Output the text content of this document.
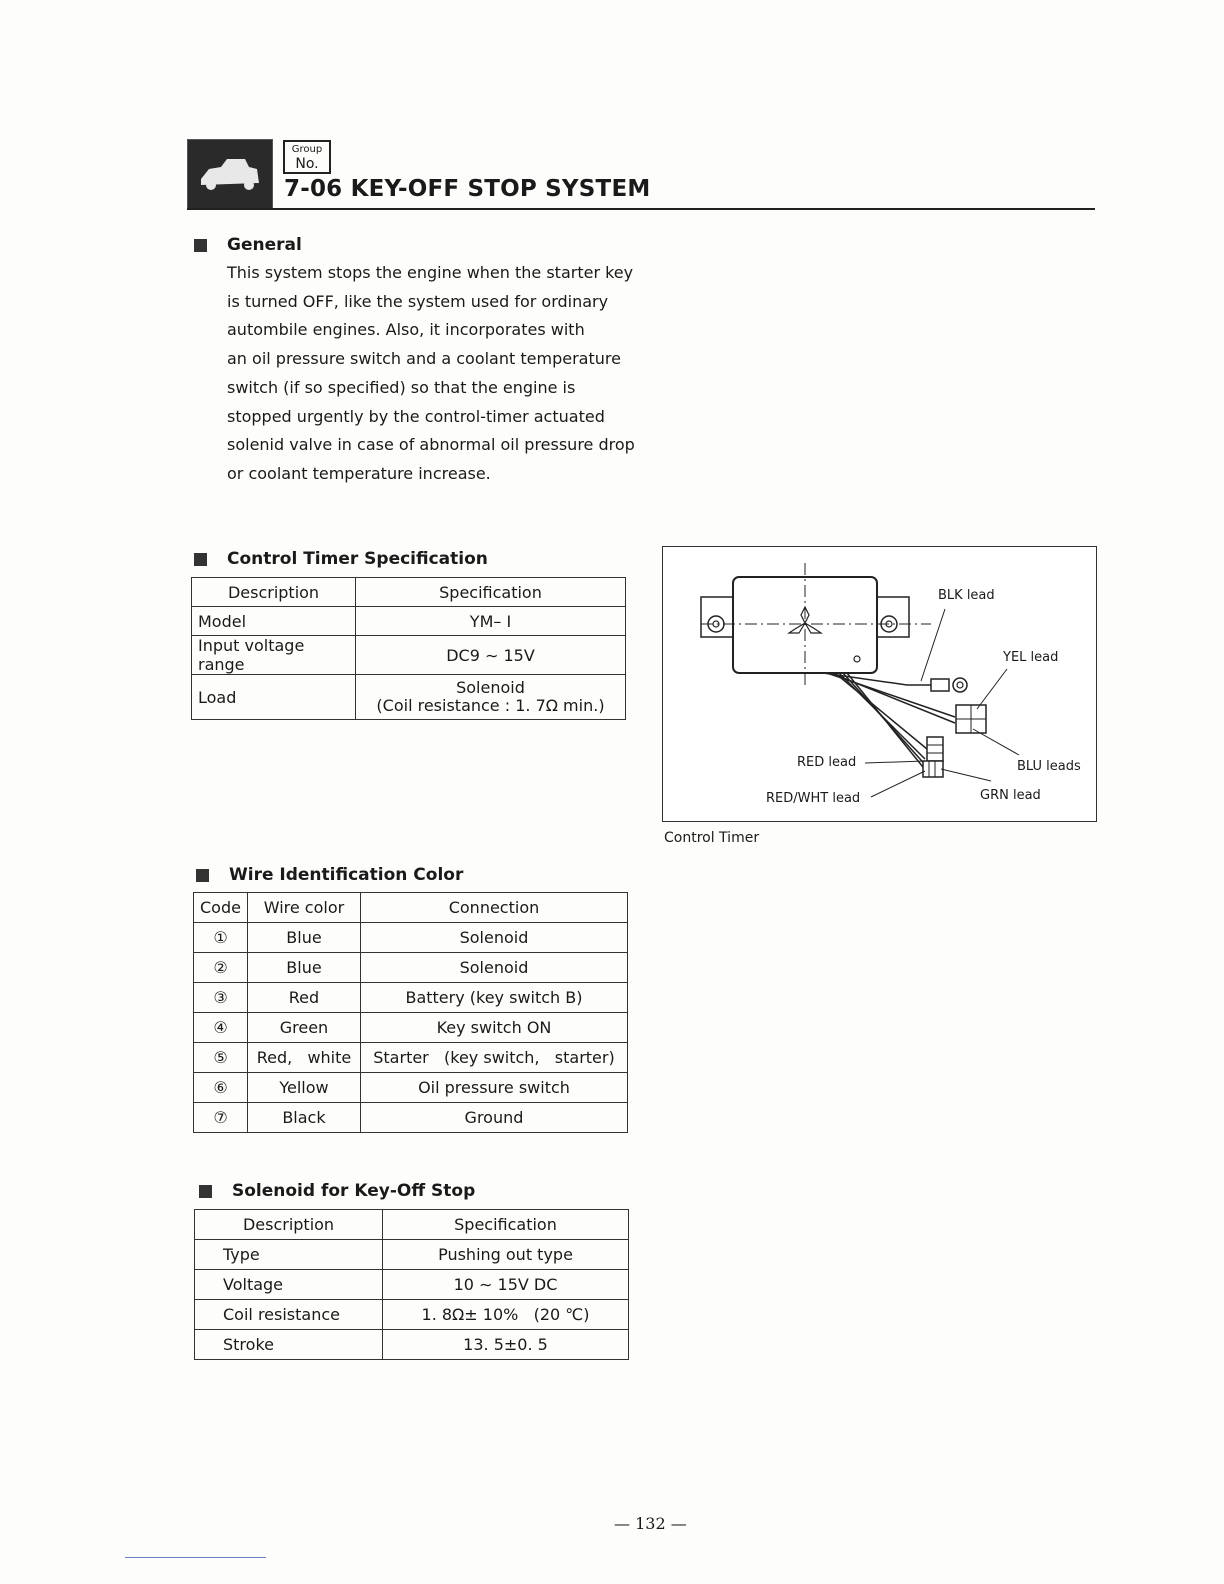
Group
No.
7-06 KEY-OFF STOP SYSTEM
General

This system stops the engine when the starter key

is turned OFF, like the system used for ordinary

autombile engines. Also, it incorporates with

an oil pressure switch and a coolant temperature

switch (if so specified) so that the engine is

stopped urgently by the control-timer actuated

solenid valve in case of abnormal oil pressure drop

or coolant temperature increase.

Control Timer Specification
Description	Specification
Model	YM– I
Input voltage range	DC9 ∼ 15V
Load	Solenoid
(Coil resistance : 1. 7Ω min.)
BLK lead
YEL lead
RED lead	BLU leads
RED/WHT lead	GRN lead
Control Timer
Wire Identification Color
Code	Wire color	Connection
①	Blue	Solenoid
②	Blue	Solenoid
③	Red	Battery (key switch B)
④	Green	Key switch ON
⑤	Red,   white	Starter   (key switch,   starter)
⑥	Yellow	Oil pressure switch
⑦	Black	Ground
Solenoid for Key-Off Stop
Description	Specification
Type	Pushing out type
Voltage	10 ∼ 15V DC
Coil resistance	1. 8Ω± 10%   (20 ℃)
Stroke	13. 5±0. 5
— 132 —
